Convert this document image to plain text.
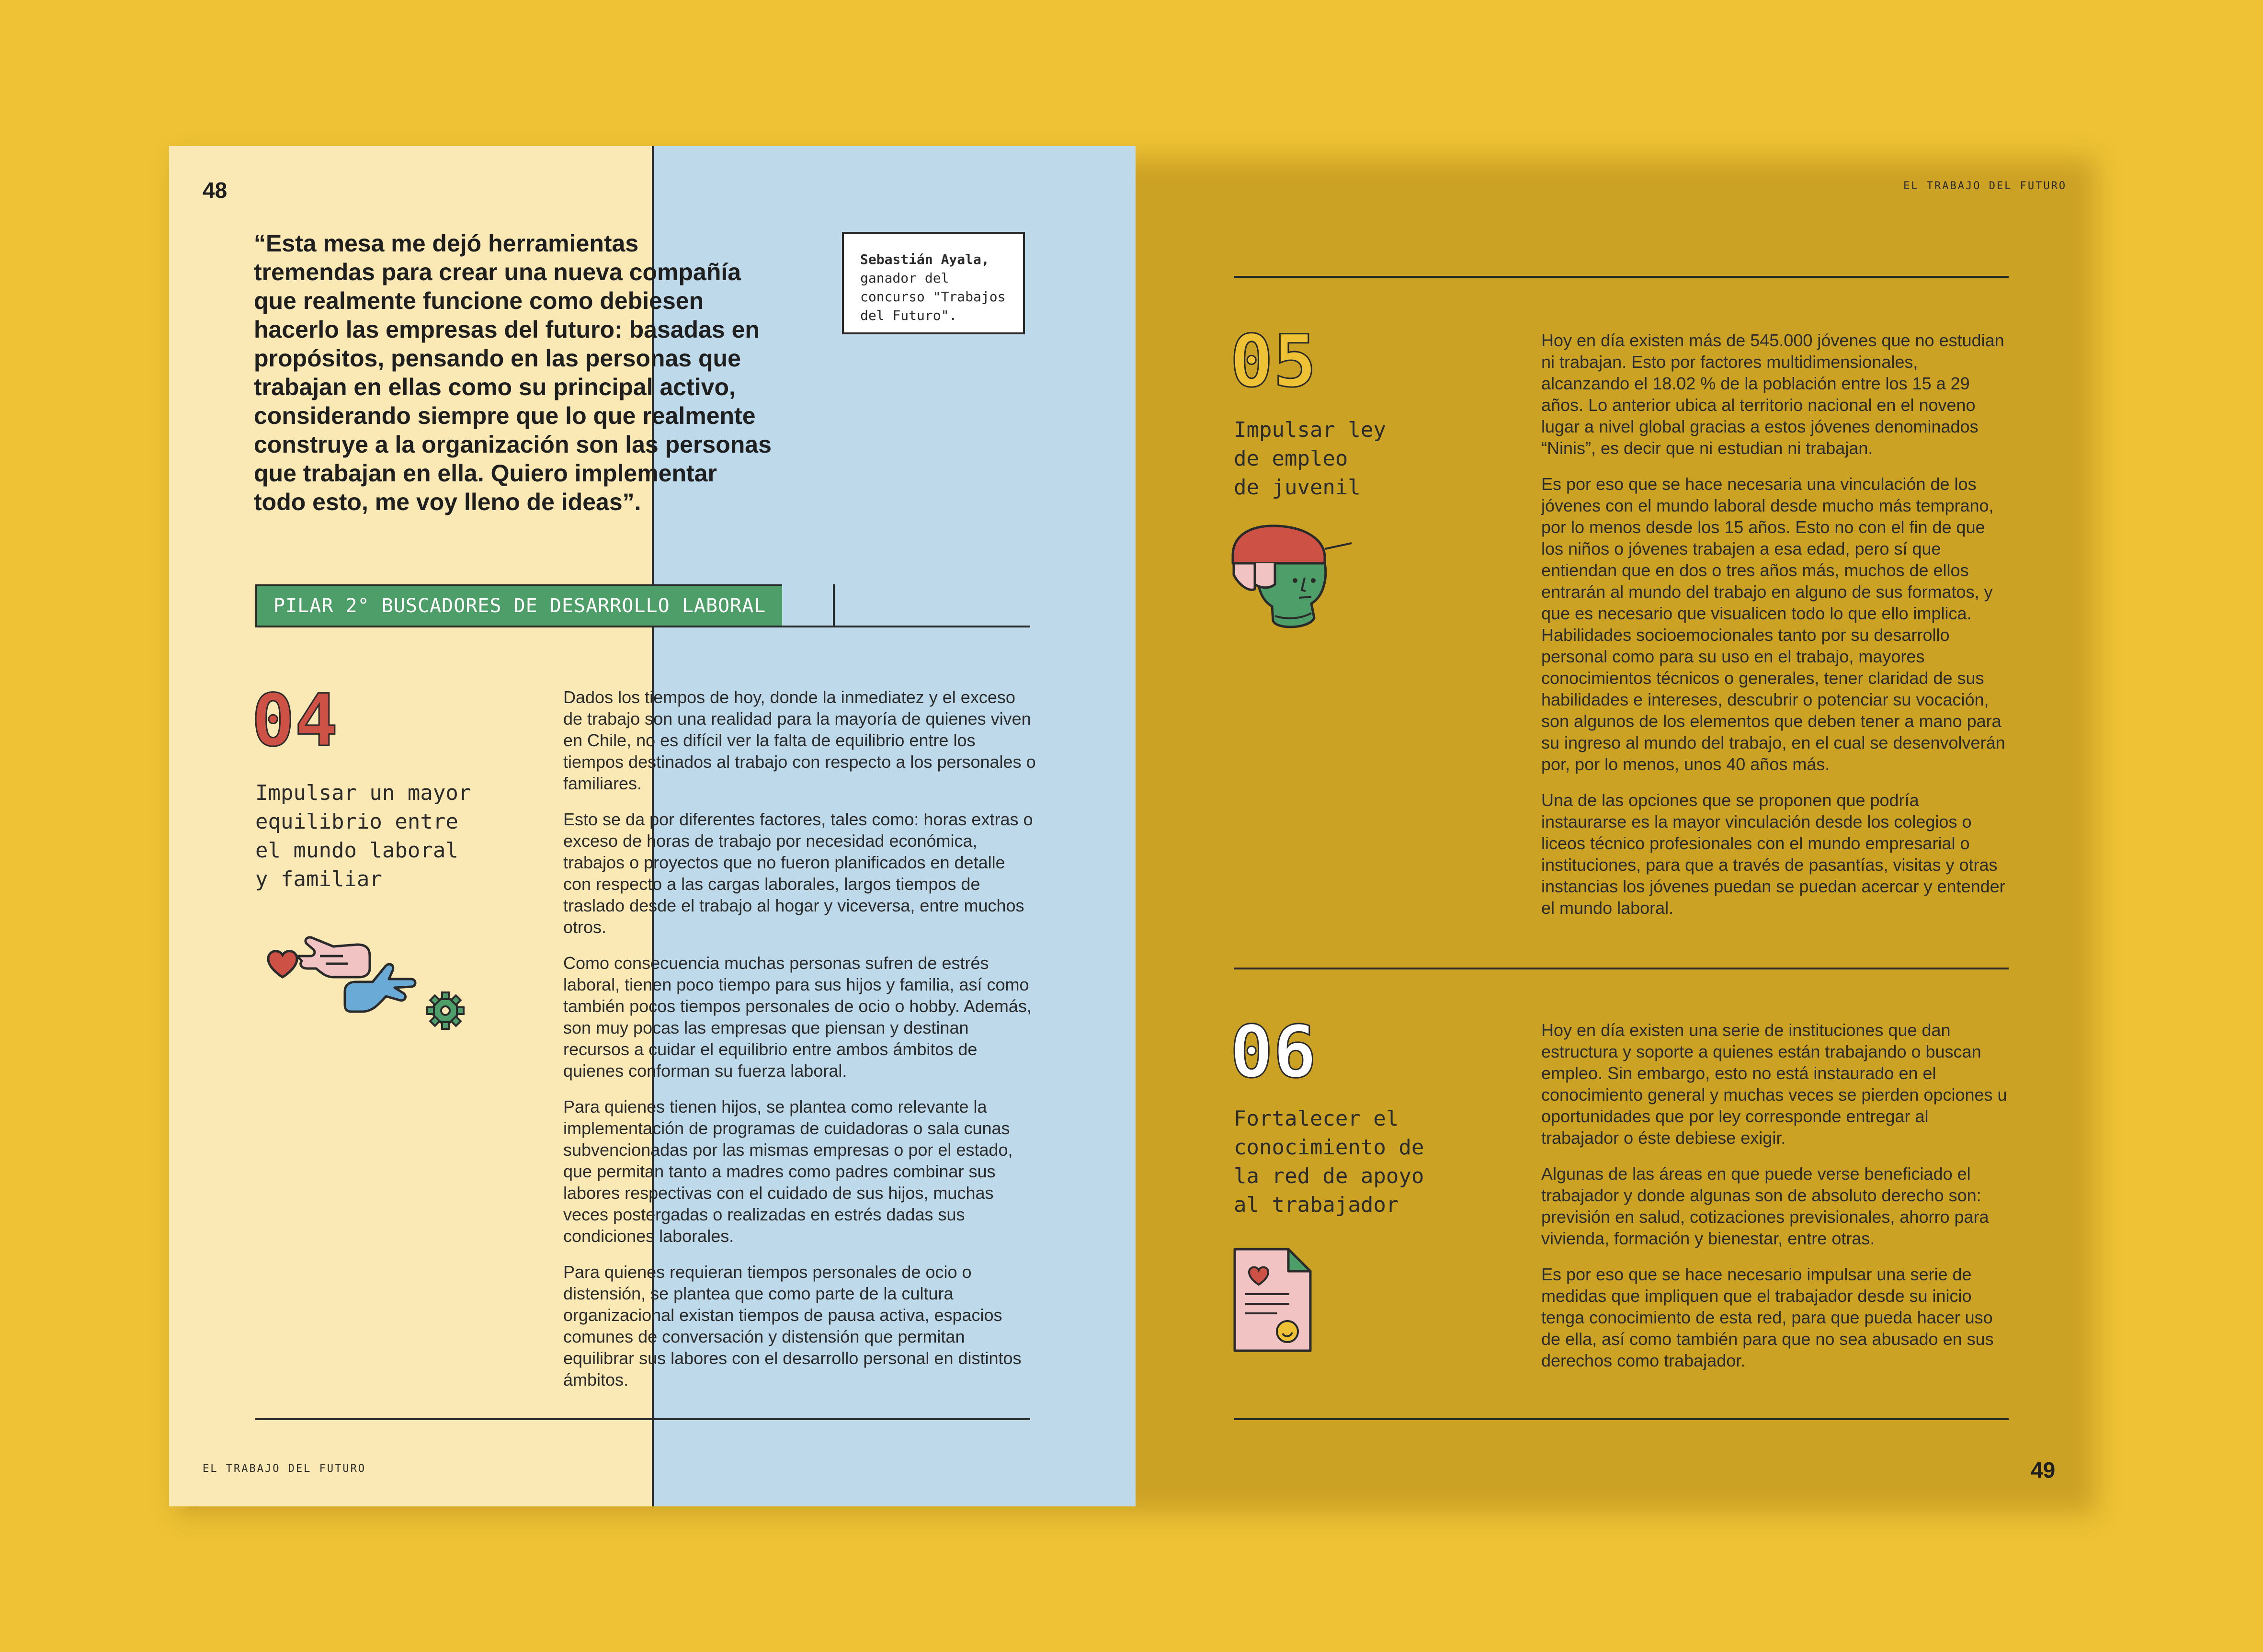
48

“Esta mesa me dejó herramientas

tremendas para crear una nueva compañía

que realmente funcione como debiesen

hacerlo las empresas del futuro: basadas en

propósitos, pensando en las personas que

trabajan en ellas como su principal activo,

considerando siempre que lo que realmente

construye a la organización son las personas

que trabajan en ella. Quiero implementar

todo esto, me voy lleno de ideas”.

Sebastián Ayala,
ganador del
concurso "Trabajos
del Futuro".
PILAR 2° BUSCADORES DE DESARROLLO LABORAL
04
Impulsar un mayor
equilibrio entre
el mundo laboral
y familiar

Dados los tiempos de hoy, donde la inmediatez y el exceso de trabajo son una realidad para la mayoría de quienes viven en Chile, no es difícil ver la falta de equilibrio entre los tiempos destinados al trabajo con respecto a los personales o familiares.

Esto se da por diferentes factores, tales como: horas extras o exceso de horas de trabajo por necesidad económica, trabajos o proyectos que no fueron planificados en detalle con respecto a las cargas laborales, largos tiempos de traslado desde el trabajo al hogar y viceversa, entre muchos otros.

Como consecuencia muchas personas sufren de estrés laboral, tienen poco tiempo para sus hijos y familia, así como también pocos tiempos personales de ocio o hobby. Además, son muy pocas las empresas que piensan y destinan recursos a cuidar el equilibrio entre ambos ámbitos de quienes conforman su fuerza laboral.

Para quienes tienen hijos, se plantea como relevante la implementación de programas de cuidadoras o sala cunas subvencionadas por las mismas empresas o por el estado, que permitan tanto a madres como padres combinar sus labores respectivas con el cuidado de sus hijos, muchas veces postergadas o realizadas en estrés dadas sus condiciones laborales.

Para quienes requieran tiempos personales de ocio o distensión, se plantea que como parte de la cultura organizacional existan tiempos de pausa activa, espacios comunes de conversación y distensión que permitan equilibrar sus labores con el desarrollo personal en distintos ámbitos.

EL TRABAJO DEL FUTURO
EL TRABAJO DEL FUTURO
05
Impulsar ley
de empleo
de juvenil

Hoy en día existen más de 545.000 jóvenes que no estudian ni trabajan. Esto por factores multidimensionales, alcanzando el 18.02 % de la población entre los 15 a 29 años. Lo anterior ubica al territorio nacional en el noveno lugar a nivel global gracias a estos jóvenes denominados “Ninis”, es decir que ni estudian ni trabajan.

Es por eso que se hace necesaria una vinculación de los jóvenes con el mundo laboral desde mucho más temprano, por lo menos desde los 15 años. Esto no con el fin de que los niños o jóvenes trabajen a esa edad, pero sí que entiendan que en dos o tres años más, muchos de ellos entrarán al mundo del trabajo en alguno de sus formatos, y que es necesario que visualicen todo lo que ello implica. Habilidades socioemocionales tanto por su desarrollo personal como para su uso en el trabajo, mayores conocimientos técnicos o generales, tener claridad de sus habilidades e intereses, descubrir o potenciar su vocación, son algunos de los elementos que deben tener a mano para su ingreso al mundo del trabajo, en el cual se desenvolverán por, por lo menos, unos 40 años más.

Una de las opciones que se proponen que podría instaurarse es la mayor vinculación desde los colegios o liceos técnico profesionales con el mundo empresarial o instituciones, para que a través de pasantías, visitas y otras instancias los jóvenes puedan se puedan acercar y entender el mundo laboral.

06
Fortalecer el
conocimiento de
la red de apoyo
al trabajador

Hoy en día existen una serie de instituciones que dan estructura y soporte a quienes están trabajando o buscan empleo. Sin embargo, esto no está instaurado en el conocimiento general y muchas veces se pierden opciones u oportunidades que por ley corresponde entregar al trabajador o éste debiese exigir.

Algunas de las áreas en que puede verse beneficiado el trabajador y donde algunas son de absoluto derecho son: previsión en salud, cotizaciones previsionales, ahorro para vivienda, formación y bienestar, entre otras.

Es por eso que se hace necesario impulsar una serie de medidas que impliquen que el trabajador desde su inicio tenga conocimiento de esta red, para que pueda hacer uso de ella, así como también para que no sea abusado en sus derechos como trabajador.

49
